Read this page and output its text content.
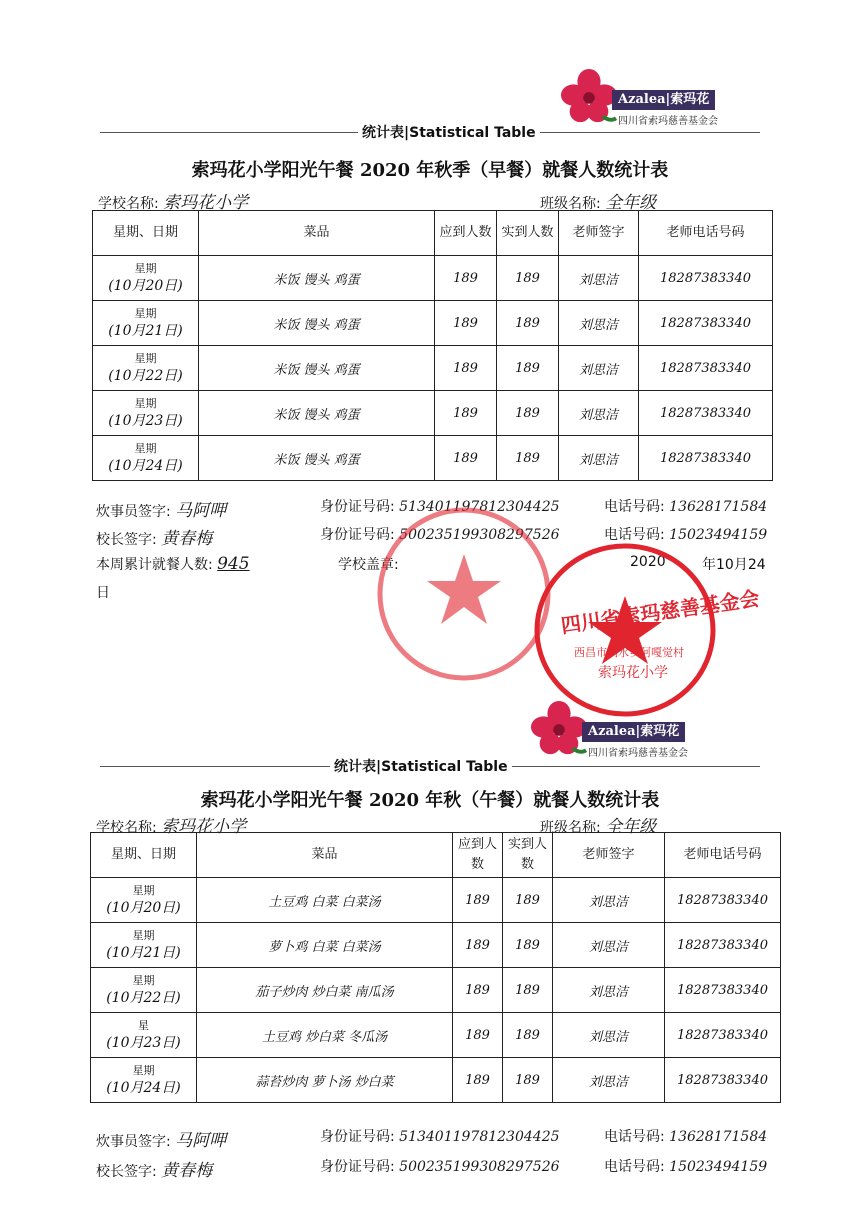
Azalea|索玛花
四川省索玛慈善基金会
统计表|Statistical Table
索玛花小学阳光午餐 2020 年秋季（早餐）就餐人数统计表
学校名称: 索玛花小学	班级名称: 全年级
星期、日期	菜品	应到人数	实到人数	老师签字	老师电话号码

星期
(10月20日)	米饭 馒头 鸡蛋	189	189	刘思洁	18287383340

星期
(10月21日)	米饭 馒头 鸡蛋	189	189	刘思洁	18287383340

星期
(10月22日)	米饭 馒头 鸡蛋	189	189	刘思洁	18287383340

星期
(10月23日)	米饭 馒头 鸡蛋	189	189	刘思洁	18287383340

星期
(10月24日)	米饭 馒头 鸡蛋	189	189	刘思洁	18287383340
炊事员签字: 马阿呷	身份证号码: 513401197812304425	电话号码: 13628171584
校长签字: 黄春梅	身份证号码: 500235199308297526	电话号码: 15023494159
本周累计就餐人数: 945	学校盖章:	2020	年10月24
日	四川省索玛慈善基金会
西昌市响水乡阿嘎觉村
索玛花小学
Azalea|索玛花
四川省索玛慈善基金会
统计表|Statistical Table
索玛花小学阳光午餐 2020 年秋（午餐）就餐人数统计表
学校名称: 索玛花小学	班级名称: 全年级
星期、日期	菜品	应到人数	实到人数	老师签字	老师电话号码

星期
(10月20日)	土豆鸡 白菜 白菜汤	189	189	刘思洁	18287383340

星期
(10月21日)	萝卜鸡 白菜 白菜汤	189	189	刘思洁	18287383340

星期
(10月22日)	茄子炒肉 炒白菜 南瓜汤	189	189	刘思洁	18287383340

星
(10月23日)	土豆鸡 炒白菜 冬瓜汤	189	189	刘思洁	18287383340

星期
(10月24日)	蒜苔炒肉 萝卜汤 炒白菜	189	189	刘思洁	18287383340
炊事员签字: 马阿呷	身份证号码: 513401197812304425	电话号码: 13628171584
校长签字: 黄春梅	身份证号码: 500235199308297526	电话号码: 15023494159
